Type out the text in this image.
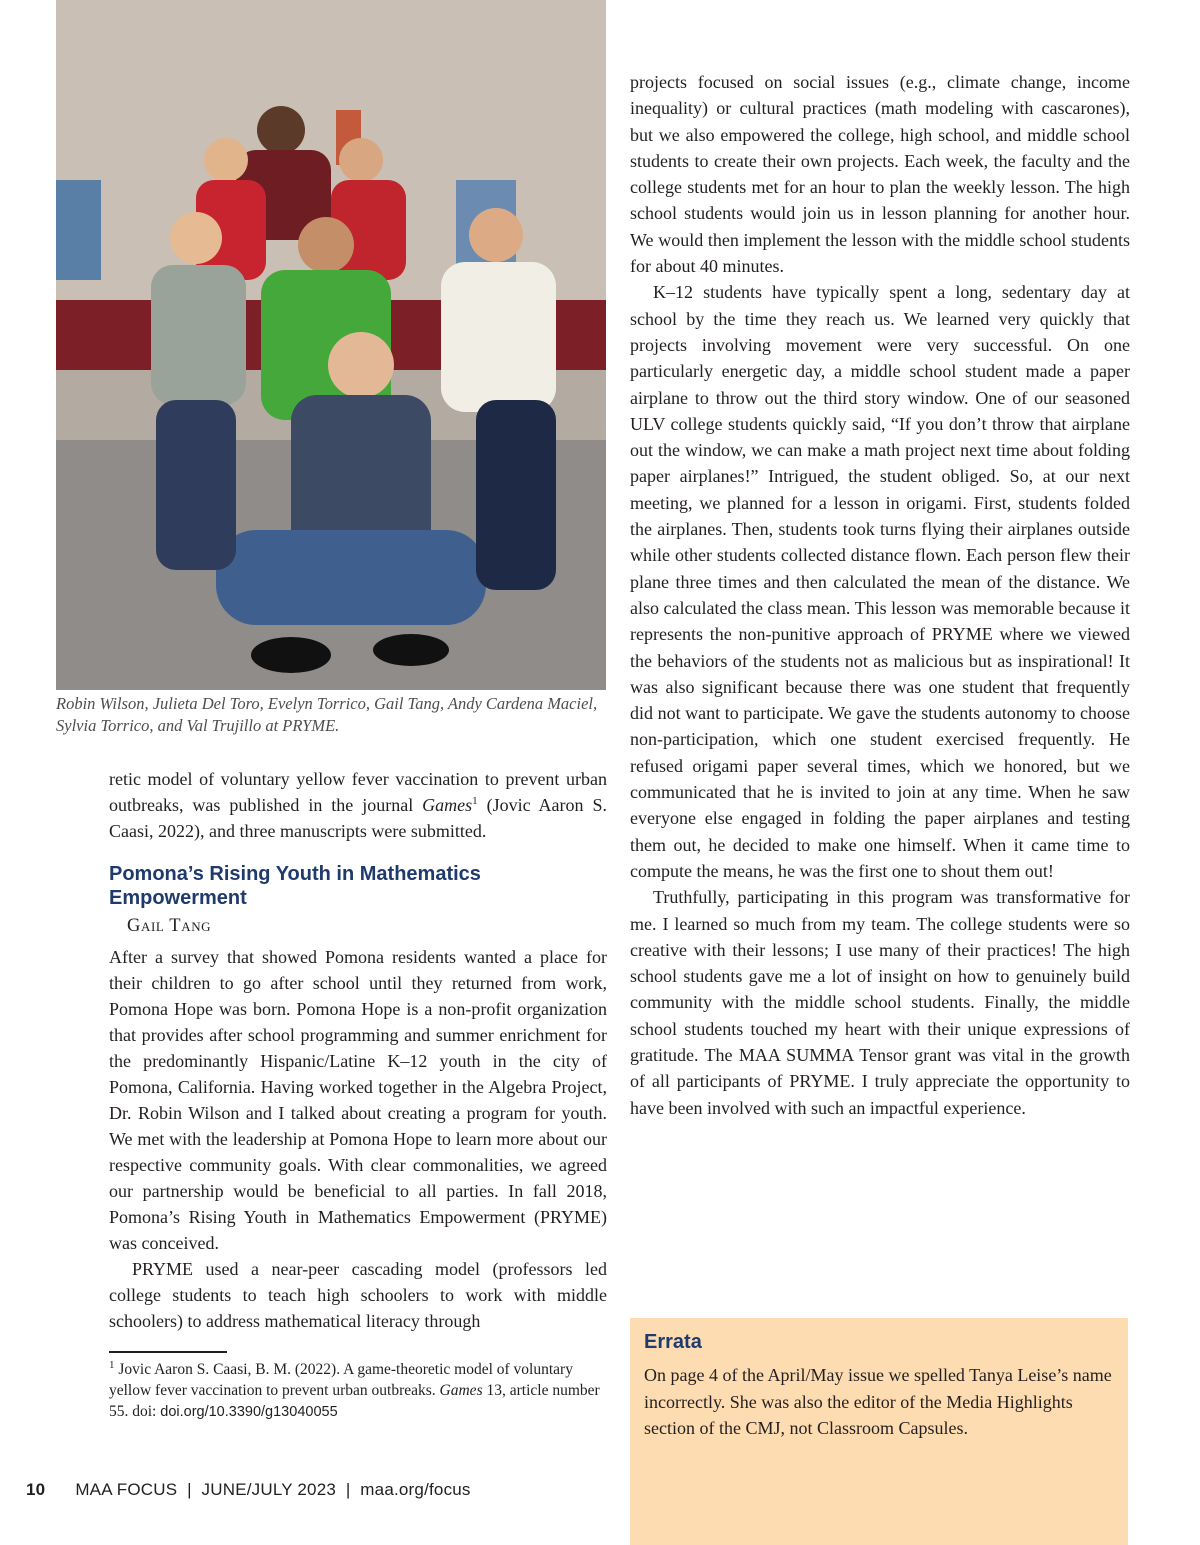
Robin Wilson, Julieta Del Toro, Evelyn Torrico, Gail Tang, Andy Cardena Maciel, Sylvia Torrico, and Val Trujillo at PRYME.

retic model of voluntary yellow fever vaccination to prevent urban outbreaks, was published in the journal Games$^1$ (Jovic Aaron S. Caasi, 2022), and three manuscripts were submitted.

Pomona’s Rising Youth in Mathematics Empowerment
Gail Tang

After a survey that showed Pomona residents wanted a place for their children to go after school until they returned from work, Pomona Hope was born. Pomona Hope is a non-profit organization that provides after school programming and summer enrichment for the predominantly Hispanic/Latine K–12 youth in the city of Pomona, California. Having worked together in the Algebra Project, Dr. Robin Wilson and I talked about creating a program for youth. We met with the leadership at Pomona Hope to learn more about our respective community goals. With clear commonalities, we agreed our partnership would be beneficial to all parties. In fall 2018, Pomona’s Rising Youth in Mathematics Empowerment (PRYME) was conceived.

PRYME used a near-peer cascading model (professors led college students to teach high schoolers to work with middle schoolers) to address mathematical literacy through

$^1$ Jovic Aaron S. Caasi, B. M. (2022). A game-theoretic model of voluntary yellow fever vaccination to prevent urban outbreaks. Games 13, article number 55. doi: doi.org/10.3390/g13040055

projects focused on social issues (e.g., climate change, income inequality) or cultural practices (math modeling with cascarones), but we also empowered the college, high school, and middle school students to create their own projects. Each week, the faculty and the college students met for an hour to plan the weekly lesson. The high school students would join us in lesson planning for another hour. We would then implement the lesson with the middle school students for about 40 minutes.

K–12 students have typically spent a long, sedentary day at school by the time they reach us. We learned very quickly that projects involving movement were very successful. On one particularly energetic day, a middle school student made a paper airplane to throw out the third story window. One of our seasoned ULV college students quickly said, “If you don’t throw that airplane out the window, we can make a math project next time about folding paper airplanes!” Intrigued, the student obliged. So, at our next meeting, we planned for a lesson in origami. First, students folded the airplanes. Then, students took turns flying their airplanes outside while other students collected distance flown. Each person flew their plane three times and then calculated the mean of the distance. We also calculated the class mean. This lesson was memorable because it represents the non-punitive approach of PRYME where we viewed the behaviors of the students not as malicious but as inspirational! It was also significant because there was one student that frequently did not want to participate. We gave the students autonomy to choose non-participation, which one student exercised frequently. He refused origami paper several times, which we honored, but we communicated that he is invited to join at any time. When he saw everyone else engaged in folding the paper airplanes and testing them out, he decided to make one himself. When it came time to compute the means, he was the first one to shout them out!

Truthfully, participating in this program was transformative for me. I learned so much from my team. The college students were so creative with their lessons; I use many of their practices! The high school students gave me a lot of insight on how to genuinely build community with the middle school students. Finally, the middle school students touched my heart with their unique expressions of gratitude. The MAA SUMMA Tensor grant was vital in the growth of all participants of PRYME. I truly appreciate the opportunity to have been involved with such an impactful experience.

Errata

On page 4 of the April/May issue we spelled Tanya Leise’s name incorrectly. She was also the editor of the Media Highlights section of the CMJ, not Classroom Capsules.

10 MAA FOCUS  |  JUNE/JULY 2023  |  maa.org/focus
